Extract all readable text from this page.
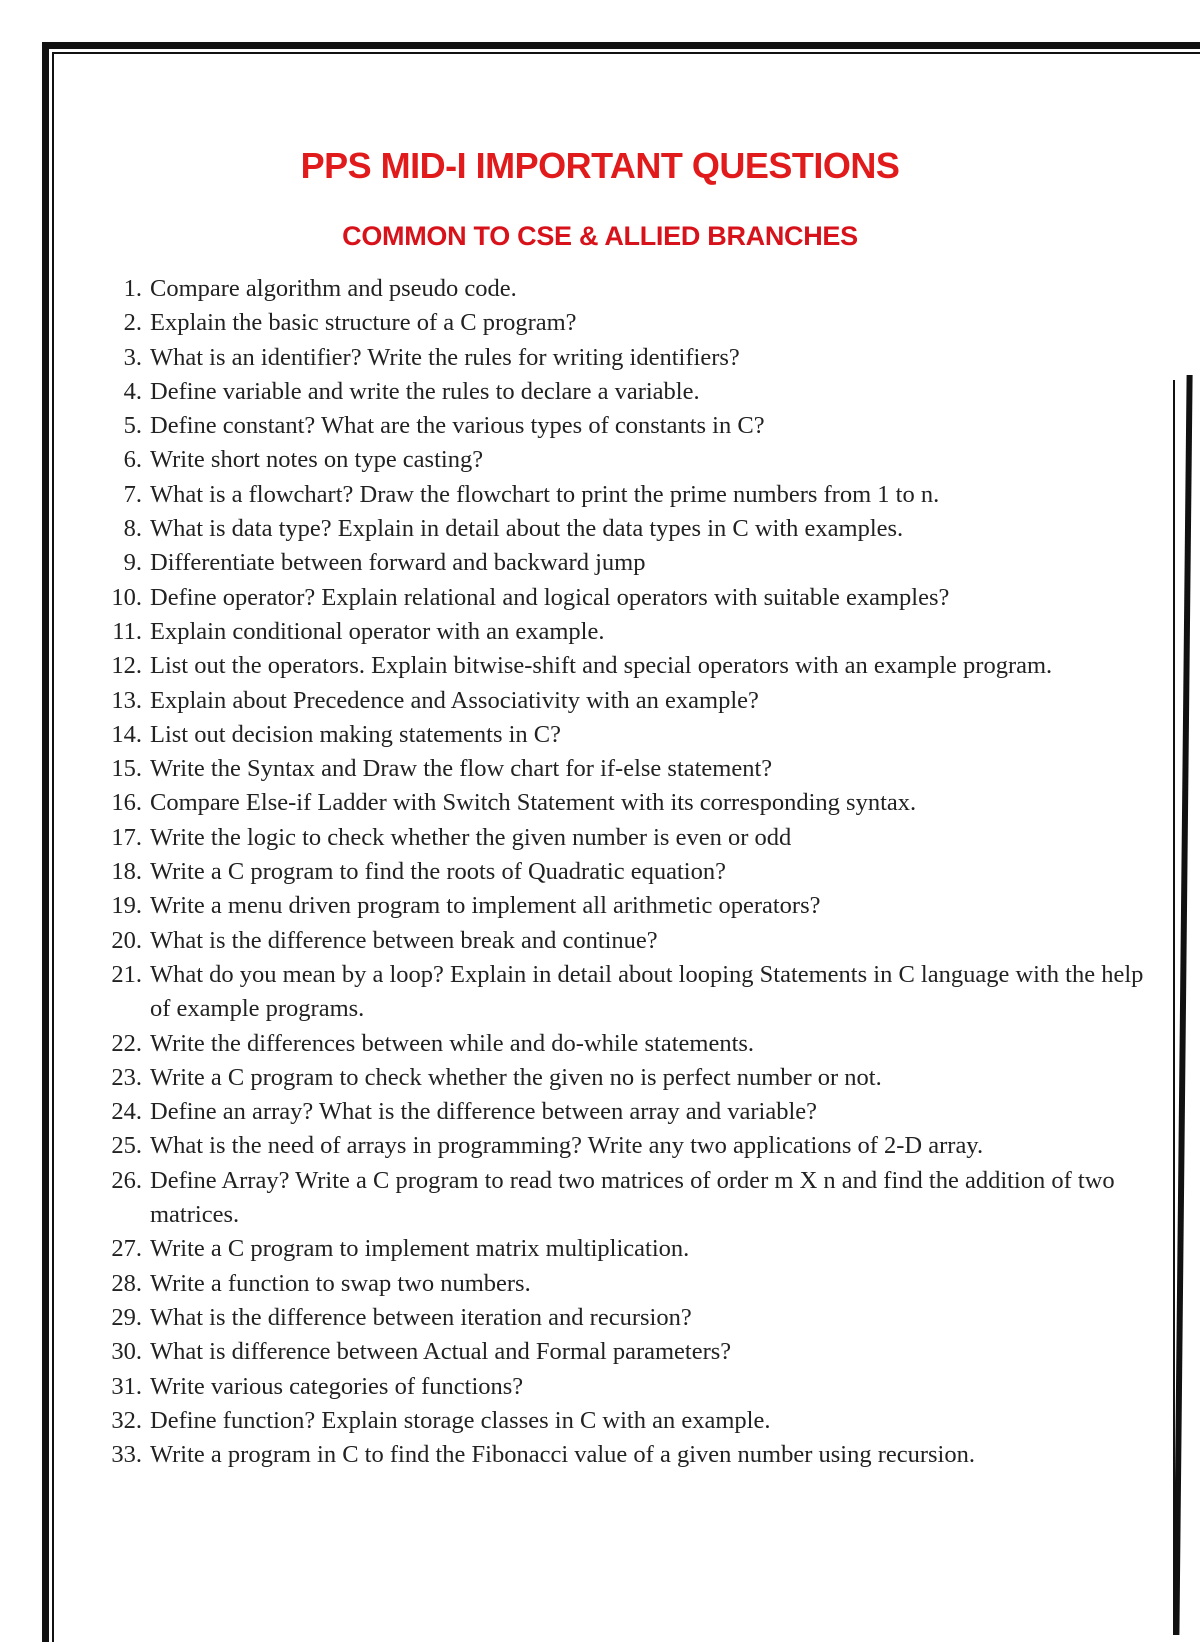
PPS MID-I IMPORTANT QUESTIONS
COMMON TO CSE & ALLIED BRANCHES
1. Compare algorithm and pseudo code.
2. Explain the basic structure of a C program?
3. What is an identifier? Write the rules for writing identifiers?
4. Define variable and write the rules to declare a variable.
5. Define constant? What are the various types of constants in C?
6. Write short notes on type casting?
7. What is a flowchart? Draw the flowchart to print the prime numbers from 1 to n.
8. What is data type? Explain in detail about the data types in C with examples.
9. Differentiate between forward and backward jump
10. Define operator? Explain relational and logical operators with suitable examples?
11. Explain conditional operator with an example.
12. List out the operators. Explain bitwise-shift and special operators with an example program.
13. Explain about Precedence and Associativity with an example?
14. List out decision making statements in C?
15. Write the Syntax and Draw the flow chart for if-else statement?
16. Compare Else-if Ladder with Switch Statement with its corresponding syntax.
17. Write the logic to check whether the given number is even or odd
18. Write a C program to find the roots of Quadratic equation?
19. Write a menu driven program to implement all arithmetic operators?
20. What is the difference between break and continue?
21. What do you mean by a loop? Explain in detail about looping Statements in C language with the help of example programs.
22. Write the differences between while and do-while statements.
23. Write a C program to check whether the given no is perfect number or not.
24. Define an array? What is the difference between array and variable?
25. What is the need of arrays in programming? Write any two applications of 2-D array.
26. Define Array? Write a C program to read two matrices of order m X n and find the addition of two matrices.
27. Write a C program to implement matrix multiplication.
28. Write a function to swap two numbers.
29. What is the difference between iteration and recursion?
30. What is difference between Actual and Formal parameters?
31. Write various categories of functions?
32. Define function? Explain storage classes in C with an example.
33. Write a program in C to find the Fibonacci value of a given number using recursion.
